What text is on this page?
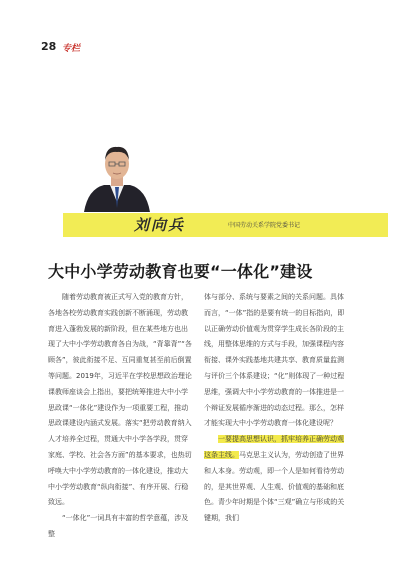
28 专栏
刘向兵	中国劳动关系学院党委书记
大中小学劳动教育也要“一体化”建设

随着劳动教育被正式写入党的教育方针，各地各校劳动教育实践创新不断涌现，劳动教育进入蓬勃发展的新阶段，但在某些地方也出现了大中小学劳动教育各自为战，“背靠背”“各顾各”，彼此衔接不足、互同重复甚至前后倒置等问题。2019年，习近平在学校思想政治理论课教师座谈会上指出，要把统筹推进大中小学思政课“一体化”建设作为一项重要工程，推动思政课建设内涵式发展。落实“把劳动教育纳入人才培养全过程，贯通大中小学各学段，贯穿家庭、学校、社会各方面”的基本要求，也热切呼唤大中小学劳动教育的一体化建设，推动大中小学劳动教育“纵向衔接”、有序开展、行稳致远。

“一体化”一词具有丰富的哲学意蕴，涉及整

体与部分、系统与要素之间的关系问题。具体而言，“一体”指的是要有统一的目标指向，即以正确劳动价值观为贯穿学生成长各阶段的主线，用整体思维的方式与手段，加强课程内容衔接、课外实践基地共建共享、教育质量监测与评价三个体系建设；“化”则体现了一种过程思维，强调大中小学劳动教育的一体推进是一个辩证发展循序渐进的动态过程。那么，怎样才能实现大中小学劳动教育一体化建设呢？

一要提高思想认识，抓牢培养正确劳动观这条主线。马克思主义认为，劳动创造了世界和人本身。劳动观，即一个人是如何看待劳动的，是其世界观、人生观、价值观的基础和底色。青少年时期是个体“三观”确立与形成的关键期，我们
